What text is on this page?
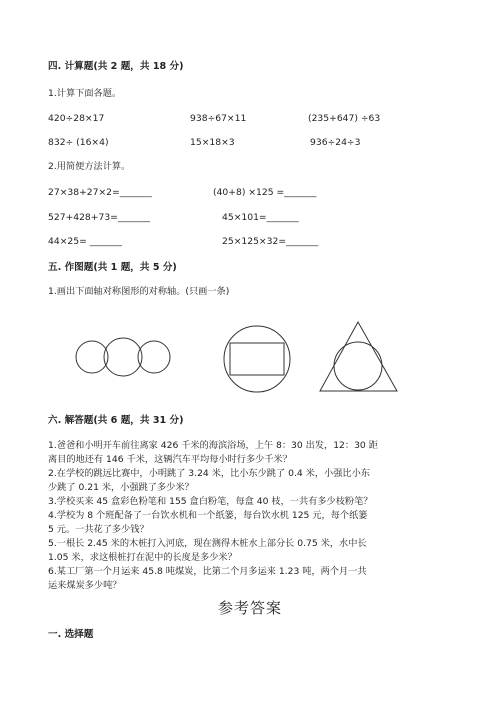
四. 计算题(共 2 题，共 18 分)
1.计算下面各题。
420÷28×17	938÷67×11	(235+647) ÷63
832÷ (16×4)	15×18×3	936÷24÷3
2.用简便方法计算。
27×38+27×2=_______	(40+8) ×125 =_______
527+428+73=_______	45×101=_______
44×25= _______	25×125×32=_______
五. 作图题(共 1 题，共 5 分)
1.画出下面轴对称图形的对称轴。(只画一条)
六. 解答题(共 6 题，共 31 分)
1.爸爸和小明开车前往离家 426 千米的海滨浴场，上午 8：30 出发，12：30 距
离目的地还有 146 千米，这辆汽车平均每小时行多少千米？
2.在学校的跳远比赛中，小明跳了 3.24 米，比小东少跳了 0.4 米，小强比小东
少跳了 0.21 米，小强跳了多少米？
3.学校买来 45 盒彩色粉笔和 155 盒白粉笔，每盒 40 枝，一共有多少枝粉笔？
4.学校为 8 个班配备了一台饮水机和一个纸篓，每台饮水机 125 元，每个纸篓
5 元。一共花了多少钱？
5.一根长 2.45 米的木桩打入河底，现在测得木桩水上部分长 0.75 米，水中长
1.05 米，求这根桩打在泥中的长度是多少米？
6.某工厂第一个月运来 45.8 吨煤炭，比第二个月多运来 1.23 吨，两个月一共
运来煤炭多少吨？
参考答案
一. 选择题
